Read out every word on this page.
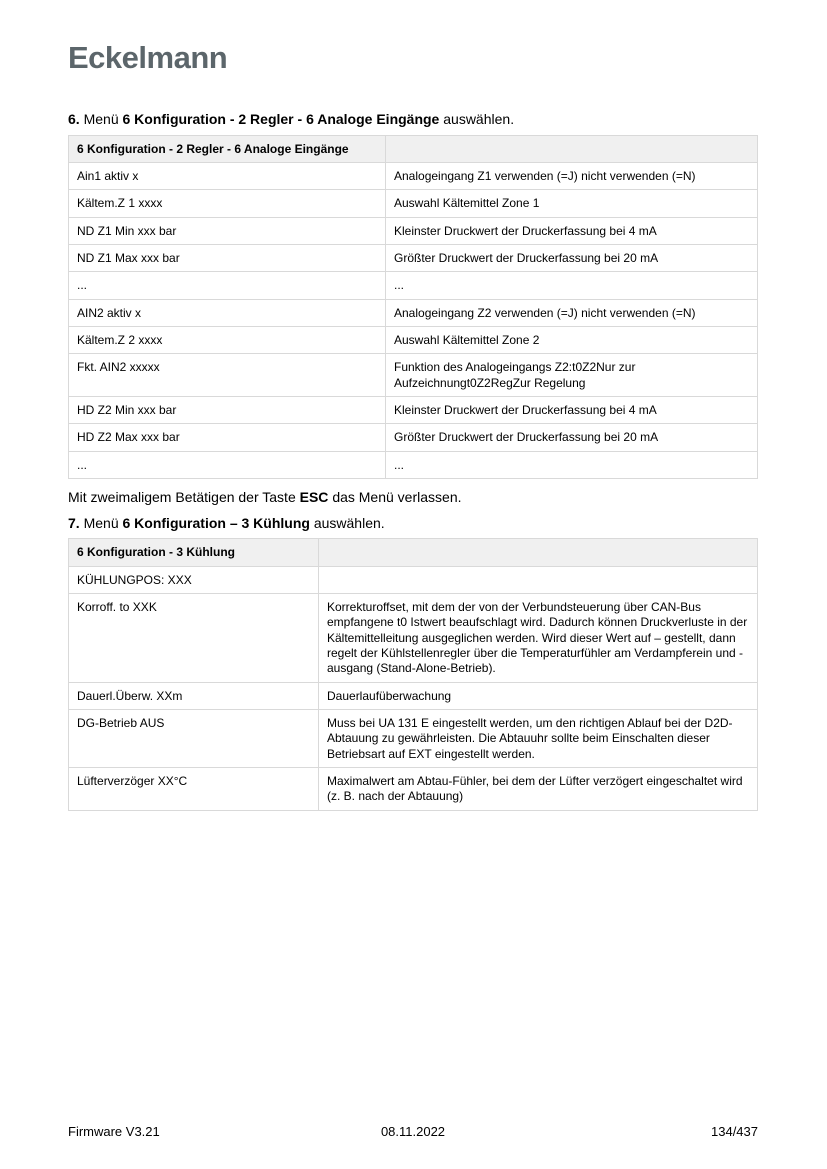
Eckelmann

6. Menü 6 Konfiguration - 2 Regler - 6 Analoge Eingänge auswählen.

6 Konfiguration - 2 Regler - 6 Analoge Eingänge	
Ain1 aktiv x	Analogeingang Z1 verwenden (=J) nicht verwenden (=N)
Kältem.Z 1 xxxx	Auswahl Kältemittel Zone 1
ND Z1 Min xxx bar	Kleinster Druckwert der Druckerfassung bei 4 mA
ND Z1 Max xxx bar	Größter Druckwert der Druckerfassung bei 20 mA
...	...
AIN2 aktiv x	Analogeingang Z2 verwenden (=J) nicht verwenden (=N)
Kältem.Z 2 xxxx	Auswahl Kältemittel Zone 2
Fkt. AIN2 xxxxx	Funktion des Analogeingangs Z2:t0Z2Nur zur Aufzeichnungt0Z2RegZur Regelung
HD Z2 Min xxx bar	Kleinster Druckwert der Druckerfassung bei 4 mA
HD Z2 Max xxx bar	Größter Druckwert der Druckerfassung bei 20 mA
...	...

Mit zweimaligem Betätigen der Taste ESC das Menü verlassen.

7. Menü 6 Konfiguration – 3 Kühlung auswählen.

6 Konfiguration - 3 Kühlung	
KÜHLUNGPOS: XXX	
Korroff. to XXK	Korrekturoffset, mit dem der von der Verbundsteuerung über CAN-Bus empfangene t0 Istwert beaufschlagt wird. Dadurch können Druckverluste in der Kältemittelleitung ausgeglichen werden. Wird dieser Wert auf – gestellt, dann regelt der Kühlstellenregler über die Temperaturfühler am Verdampferein und -ausgang (Stand-Alone-Betrieb).
Dauerl.Überw. XXm	Dauerlaufüberwachung
DG-Betrieb AUS	Muss bei UA 131 E eingestellt werden, um den richtigen Ablauf bei der D2D-Abtauung zu gewährleisten. Die Abtauuhr sollte beim Einschalten dieser Betriebsart auf EXT eingestellt werden.
Lüfterverzöger XX°C	Maximalwert am Abtau-Fühler, bei dem der Lüfter verzögert eingeschaltet wird (z. B. nach der Abtauung)
Firmware V3.21	08.11.2022	134/437
